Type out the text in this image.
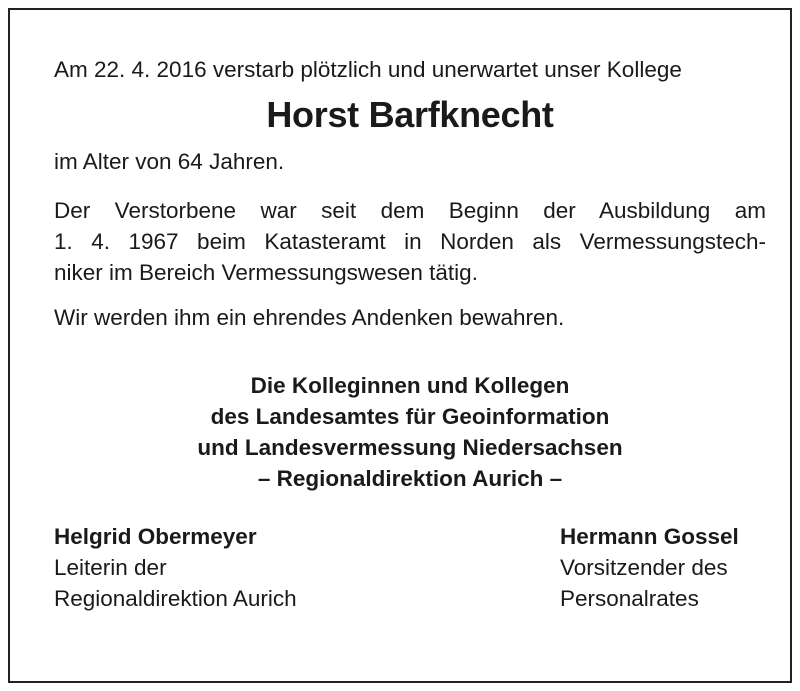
Am 22. 4. 2016 verstarb plötzlich und unerwartet unser Kollege

Horst Barfknecht

im Alter von 64 Jahren.

Der Verstorbene war seit dem Beginn der Ausbildung am
1. 4. 1967 beim Katasteramt in Norden als Vermessungstech-
niker im Bereich Vermessungswesen tätig.

Wir werden ihm ein ehrendes Andenken bewahren.

Die Kolleginnen und Kollegen
des Landesamtes für Geoinformation
und Landesvermessung Niedersachsen
– Regionaldirektion Aurich –

Helgrid Obermeyer
Leiterin der
Regionaldirektion Aurich
Hermann Gossel
Vorsitzender des
Personalrates
